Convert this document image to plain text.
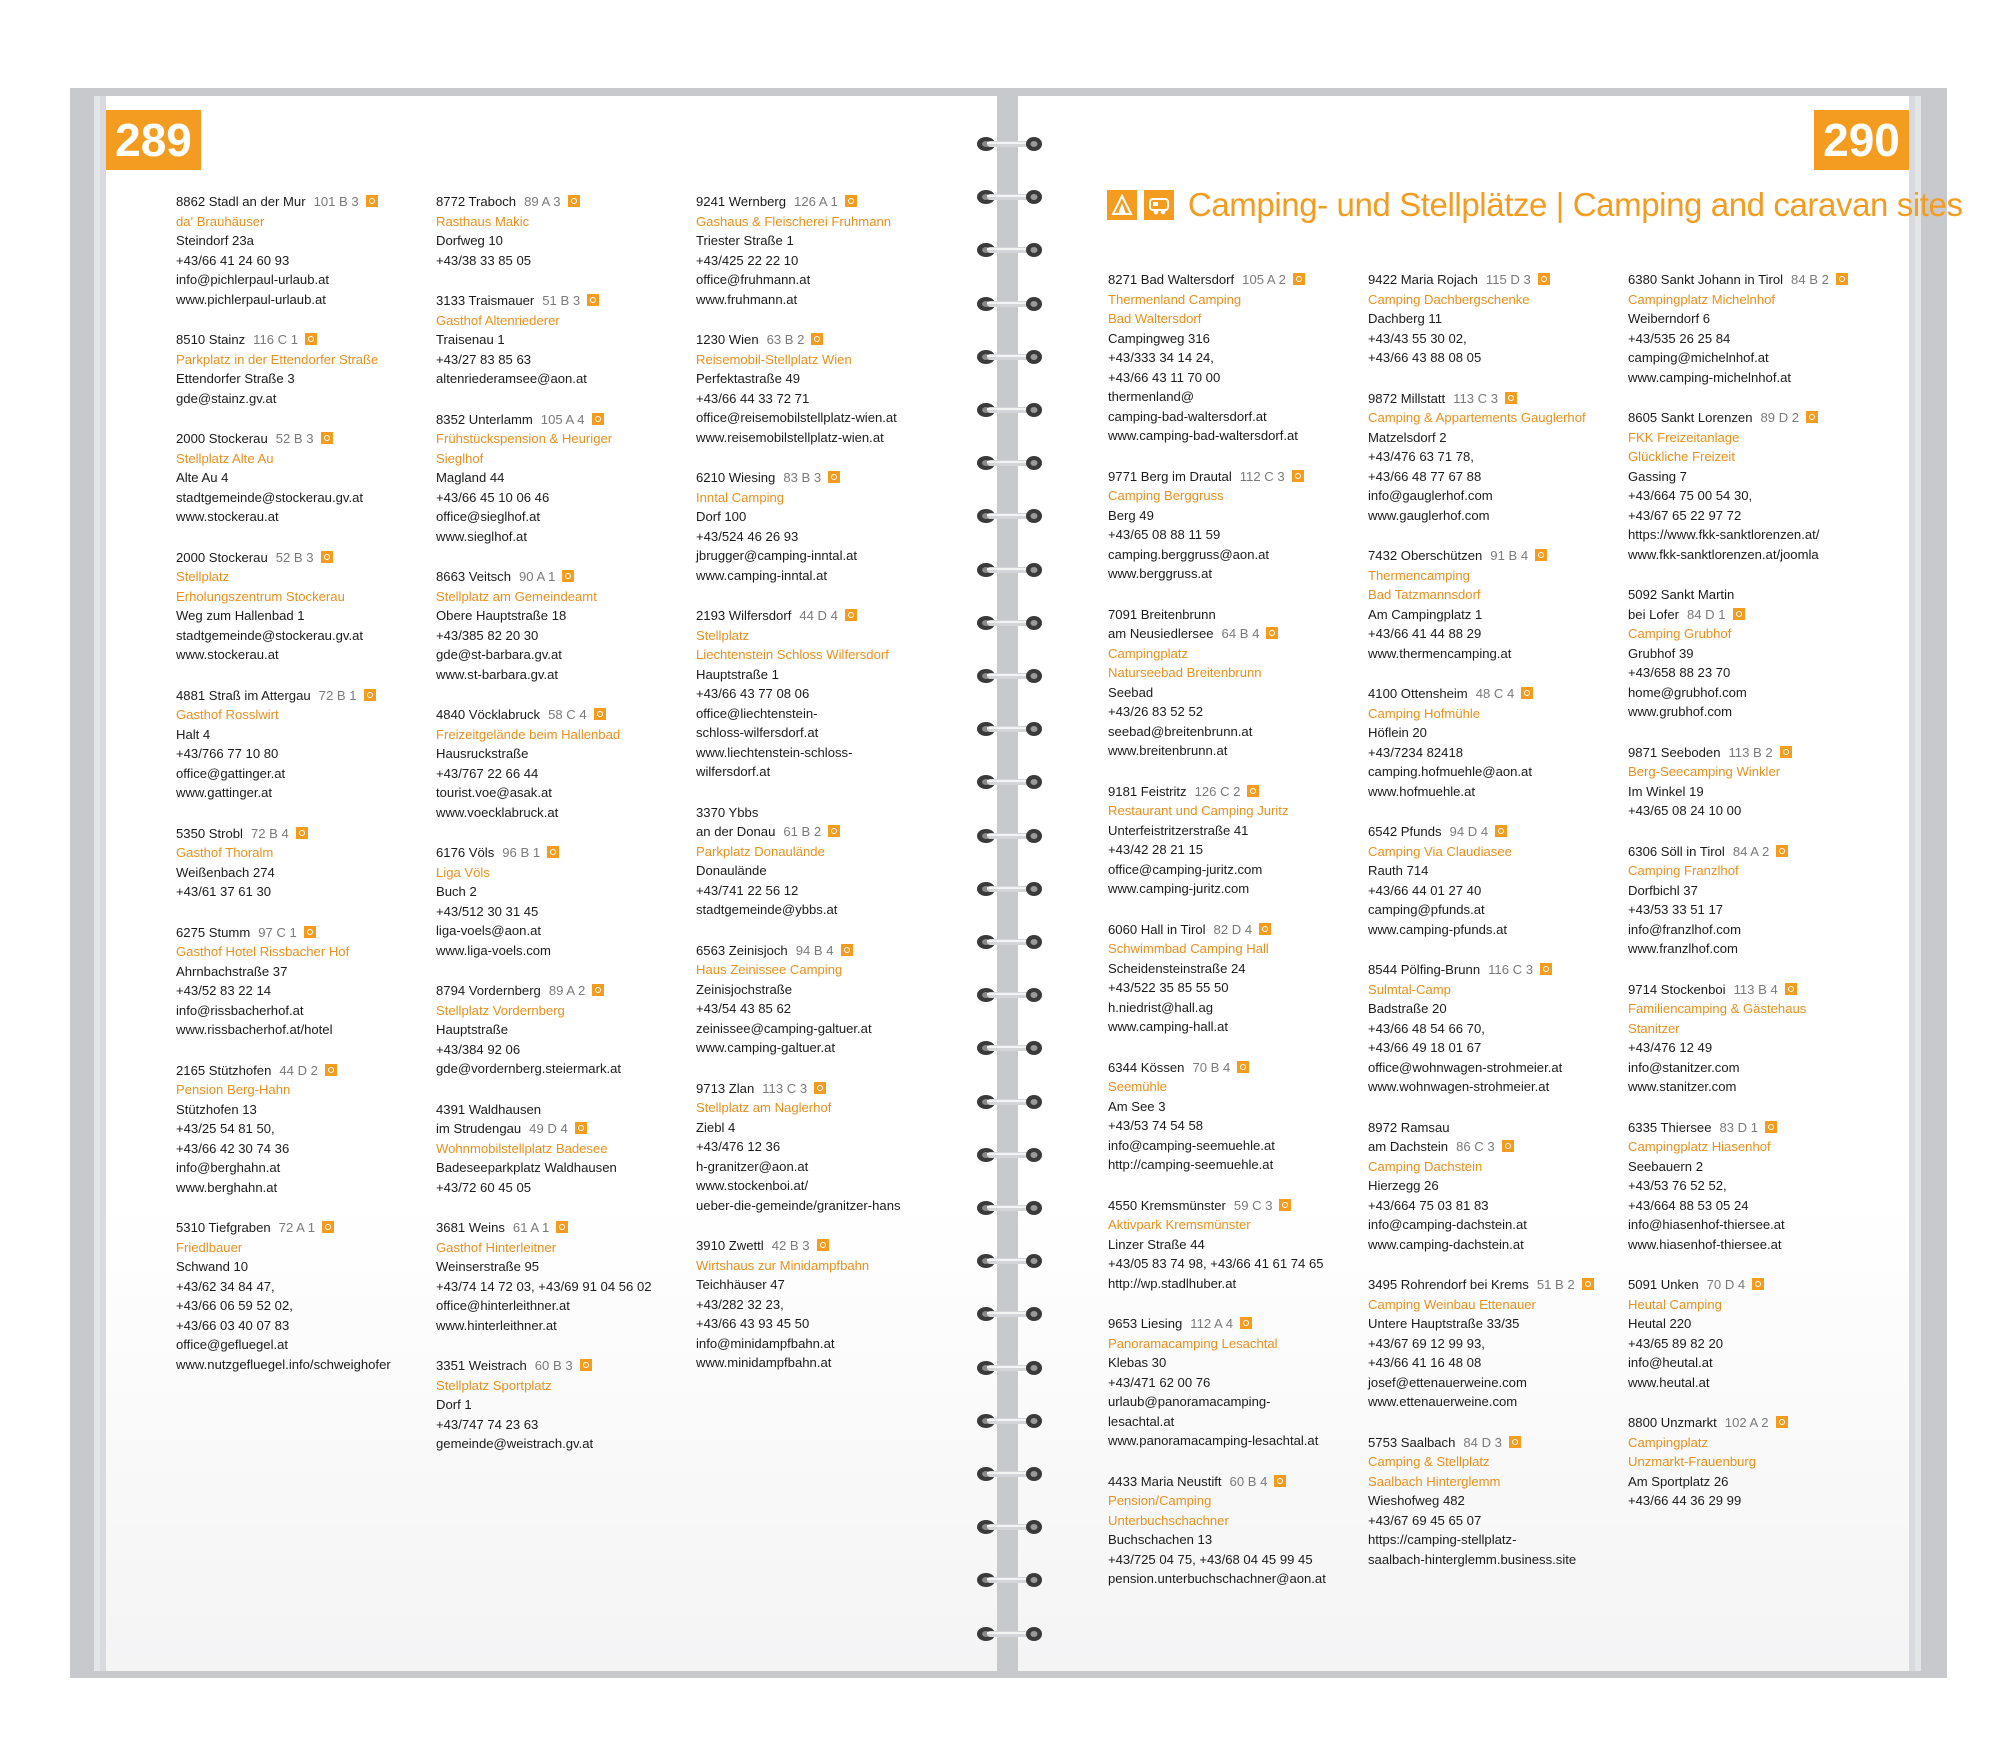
289	290

Camping- und Stellplätze | Camping and caravan sites
8862 Stadl an der Mur 101 B 3
da' Brauhäuser
Steindorf 23a
+43/66 41 24 60 93
info@pichlerpaul-urlaub.at
www.pichlerpaul-urlaub.at
8510 Stainz 116 C 1
Parkplatz in der Ettendorfer Straße
Ettendorfer Straße 3
gde@stainz.gv.at
2000 Stockerau 52 B 3
Stellplatz Alte Au
Alte Au 4
stadtgemeinde@stockerau.gv.at
www.stockerau.at
2000 Stockerau 52 B 3
Stellplatz
Erholungszentrum Stockerau
Weg zum Hallenbad 1
stadtgemeinde@stockerau.gv.at
www.stockerau.at
4881 Straß im Attergau 72 B 1
Gasthof Rosslwirt
Halt 4
+43/766 77 10 80
office@gattinger.at
www.gattinger.at
5350 Strobl 72 B 4
Gasthof Thoralm
Weißenbach 274
+43/61 37 61 30
6275 Stumm 97 C 1
Gasthof Hotel Rissbacher Hof
Ahrnbachstraße 37
+43/52 83 22 14
info@rissbacherhof.at
www.rissbacherhof.at/hotel
2165 Stützhofen 44 D 2
Pension Berg-Hahn
Stützhofen 13
+43/25 54 81 50,
+43/66 42 30 74 36
info@berghahn.at
www.berghahn.at
5310 Tiefgraben 72 A 1
Friedlbauer
Schwand 10
+43/62 34 84 47,
+43/66 06 59 52 02,
+43/66 03 40 07 83
office@gefluegel.at
www.nutzgefluegel.info/schweighofer
8772 Traboch 89 A 3
Rasthaus Makic
Dorfweg 10
+43/38 33 85 05
3133 Traismauer 51 B 3
Gasthof Altenriederer
Traisenau 1
+43/27 83 85 63
altenriederamsee@aon.at
8352 Unterlamm 105 A 4
Frühstückspension & Heuriger
Sieglhof
Magland 44
+43/66 45 10 06 46
office@sieglhof.at
www.sieglhof.at
8663 Veitsch 90 A 1
Stellplatz am Gemeindeamt
Obere Hauptstraße 18
+43/385 82 20 30
gde@st-barbara.gv.at
www.st-barbara.gv.at
4840 Vöcklabruck 58 C 4
Freizeitgelände beim Hallenbad
Hausruckstraße
+43/767 22 66 44
tourist.voe@asak.at
www.voecklabruck.at
6176 Völs 96 B 1
Liga Völs
Buch 2
+43/512 30 31 45
liga-voels@aon.at
www.liga-voels.com
8794 Vordernberg 89 A 2
Stellplatz Vordernberg
Hauptstraße
+43/384 92 06
gde@vordernberg.steiermark.at
4391 Waldhausen
im Strudengau 49 D 4
Wohnmobilstellplatz Badesee
Badeseeparkplatz Waldhausen
+43/72 60 45 05
3681 Weins 61 A 1
Gasthof Hinterleitner
Weinserstraße 95
+43/74 14 72 03, +43/69 91 04 56 02
office@hinterleithner.at
www.hinterleithner.at
3351 Weistrach 60 B 3
Stellplatz Sportplatz
Dorf 1
+43/747 74 23 63
gemeinde@weistrach.gv.at
9241 Wernberg 126 A 1
Gashaus & Fleischerei Fruhmann
Triester Straße 1
+43/425 22 22 10
office@fruhmann.at
www.fruhmann.at
1230 Wien 63 B 2
Reisemobil-Stellplatz Wien
Perfektastraße 49
+43/66 44 33 72 71
office@reisemobilstellplatz-wien.at
www.reisemobilstellplatz-wien.at
6210 Wiesing 83 B 3
Inntal Camping
Dorf 100
+43/524 46 26 93
jbrugger@camping-inntal.at
www.camping-inntal.at
2193 Wilfersdorf 44 D 4
Stellplatz
Liechtenstein Schloss Wilfersdorf
Hauptstraße 1
+43/66 43 77 08 06
office@liechtenstein-
schloss-wilfersdorf.at
www.liechtenstein-schloss-
wilfersdorf.at
3370 Ybbs
an der Donau 61 B 2
Parkplatz Donaulände
Donaulände
+43/741 22 56 12
stadtgemeinde@ybbs.at
6563 Zeinisjoch 94 B 4
Haus Zeinissee Camping
Zeinisjochstraße
+43/54 43 85 62
zeinissee@camping-galtuer.at
www.camping-galtuer.at
9713 Zlan 113 C 3
Stellplatz am Naglerhof
Ziebl 4
+43/476 12 36
h-granitzer@aon.at
www.stockenboi.at/
ueber-die-gemeinde/granitzer-hans
3910 Zwettl 42 B 3
Wirtshaus zur Minidampfbahn
Teichhäuser 47
+43/282 32 23,
+43/66 43 93 45 50
info@minidampfbahn.at
www.minidampfbahn.at
8271 Bad Waltersdorf 105 A 2
Thermenland Camping
Bad Waltersdorf
Campingweg 316
+43/333 34 14 24,
+43/66 43 11 70 00
thermenland@
camping-bad-waltersdorf.at
www.camping-bad-waltersdorf.at
9771 Berg im Drautal 112 C 3
Camping Berggruss
Berg 49
+43/65 08 88 11 59
camping.berggruss@aon.at
www.berggruss.at
7091 Breitenbrunn
am Neusiedlersee 64 B 4
Campingplatz
Naturseebad Breitenbrunn
Seebad
+43/26 83 52 52
seebad@breitenbrunn.at
www.breitenbrunn.at
9181 Feistritz 126 C 2
Restaurant und Camping Juritz
Unterfeistritzerstraße 41
+43/42 28 21 15
office@camping-juritz.com
www.camping-juritz.com
6060 Hall in Tirol 82 D 4
Schwimmbad Camping Hall
Scheidensteinstraße 24
+43/522 35 85 55 50
h.niedrist@hall.ag
www.camping-hall.at
6344 Kössen 70 B 4
Seemühle
Am See 3
+43/53 74 54 58
info@camping-seemuehle.at
http://camping-seemuehle.at
4550 Kremsmünster 59 C 3
Aktivpark Kremsmünster
Linzer Straße 44
+43/05 83 74 98, +43/66 41 61 74 65
http://wp.stadlhuber.at
9653 Liesing 112 A 4
Panoramacamping Lesachtal
Klebas 30
+43/471 62 00 76
urlaub@panoramacamping-
lesachtal.at
www.panoramacamping-lesachtal.at
4433 Maria Neustift 60 B 4
Pension/Camping
Unterbuchschachner
Buchschachen 13
+43/725 04 75, +43/68 04 45 99 45
pension.unterbuchschachner@aon.at
9422 Maria Rojach 115 D 3
Camping Dachbergschenke
Dachberg 11
+43/43 55 30 02,
+43/66 43 88 08 05
9872 Millstatt 113 C 3
Camping & Appartements Gauglerhof
Matzelsdorf 2
+43/476 63 71 78,
+43/66 48 77 67 88
info@gauglerhof.com
www.gauglerhof.com
7432 Oberschützen 91 B 4
Thermencamping
Bad Tatzmannsdorf
Am Campingplatz 1
+43/66 41 44 88 29
www.thermencamping.at
4100 Ottensheim 48 C 4
Camping Hofmühle
Höflein 20
+43/7234 82418
camping.hofmuehle@aon.at
www.hofmuehle.at
6542 Pfunds 94 D 4
Camping Via Claudiasee
Rauth 714
+43/66 44 01 27 40
camping@pfunds.at
www.camping-pfunds.at
8544 Pölfing-Brunn 116 C 3
Sulmtal-Camp
Badstraße 20
+43/66 48 54 66 70,
+43/66 49 18 01 67
office@wohnwagen-strohmeier.at
www.wohnwagen-strohmeier.at
8972 Ramsau
am Dachstein 86 C 3
Camping Dachstein
Hierzegg 26
+43/664 75 03 81 83
info@camping-dachstein.at
www.camping-dachstein.at
3495 Rohrendorf bei Krems 51 B 2
Camping Weinbau Ettenauer
Untere Hauptstraße 33/35
+43/67 69 12 99 93,
+43/66 41 16 48 08
josef@ettenauerweine.com
www.ettenauerweine.com
5753 Saalbach 84 D 3
Camping & Stellplatz
Saalbach Hinterglemm
Wieshofweg 482
+43/67 69 45 65 07
https://camping-stellplatz-
saalbach-hinterglemm.business.site
6380 Sankt Johann in Tirol 84 B 2
Campingplatz Michelnhof
Weiberndorf 6
+43/535 26 25 84
camping@michelnhof.at
www.camping-michelnhof.at
8605 Sankt Lorenzen 89 D 2
FKK Freizeitanlage
Glückliche Freizeit
Gassing 7
+43/664 75 00 54 30,
+43/67 65 22 97 72
https://www.fkk-sanktlorenzen.at/
www.fkk-sanktlorenzen.at/joomla
5092 Sankt Martin
bei Lofer 84 D 1
Camping Grubhof
Grubhof 39
+43/658 88 23 70
home@grubhof.com
www.grubhof.com
9871 Seeboden 113 B 2
Berg-Seecamping Winkler
Im Winkel 19
+43/65 08 24 10 00
6306 Söll in Tirol 84 A 2
Camping Franzlhof
Dorfbichl 37
+43/53 33 51 17
info@franzlhof.com
www.franzlhof.com
9714 Stockenboi 113 B 4
Familiencamping & Gästehaus
Stanitzer
+43/476 12 49
info@stanitzer.com
www.stanitzer.com
6335 Thiersee 83 D 1
Campingplatz Hiasenhof
Seebauern 2
+43/53 76 52 52,
+43/664 88 53 05 24
info@hiasenhof-thiersee.at
www.hiasenhof-thiersee.at
5091 Unken 70 D 4
Heutal Camping
Heutal 220
+43/65 89 82 20
info@heutal.at
www.heutal.at
8800 Unzmarkt 102 A 2
Campingplatz
Unzmarkt-Frauenburg
Am Sportplatz 26
+43/66 44 36 29 99
